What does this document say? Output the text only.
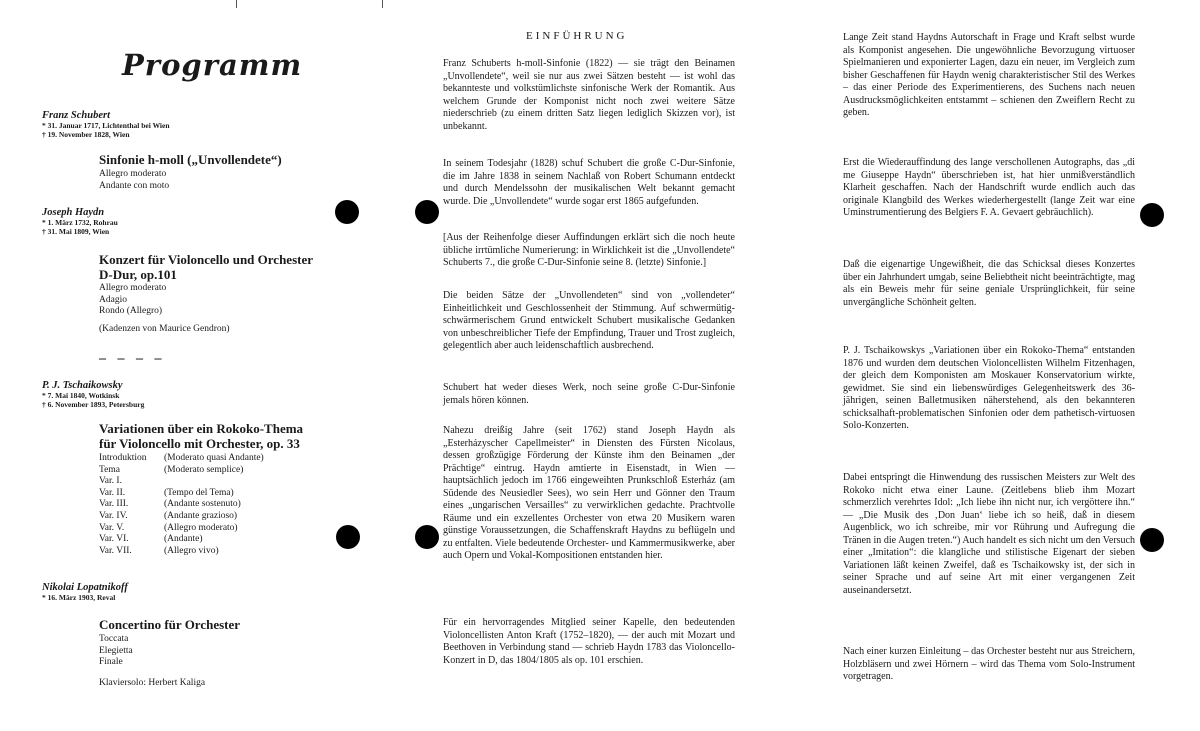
Programm
Franz Schubert
* 31. Januar 1717, Lichtenthal bei Wien
† 19. November 1828, Wien
Sinfonie h-moll („Unvollendete“)
Allegro moderato
Andante con moto
Joseph Haydn
* 1. März 1732, Rohrau
† 31. Mai 1809, Wien
Konzert für Violoncello und Orchester
D-Dur, op.101
Allegro moderato
Adagio
Rondo (Allegro)
(Kadenzen von Maurice Gendron)
– – – –
P. J. Tschaikowsky
* 7. Mai 1840, Wotkinsk
† 6. November 1893, Petersburg
Variationen über ein Rokoko-Thema
für Violoncello mit Orchester, op. 33
Introduktion	(Moderato quasi Andante)
Tema	(Moderato semplice)
Var. I.
Var. II.	(Tempo del Tema)
Var. III.	(Andante sostenuto)
Var. IV.	(Andante grazioso)
Var. V.	(Allegro moderato)
Var. VI.	(Andante)
Var. VII.	(Allegro vivo)
Nikolai Lopatnikoff
* 16. März 1903, Reval
Concertino für Orchester
Toccata
Elegietta
Finale
Klaviersolo: Herbert Kaliga
EINFÜHRUNG

Franz Schuberts h-moll-Sinfonie (1822) — sie trägt den Beinamen „Unvollendete“, weil sie nur aus zwei Sätzen besteht — ist wohl das bekannteste und volkstümlichste sinfonische Werk der Romantik. Aus welchem Grunde der Komponist nicht noch zwei weitere Sätze niederschrieb (zu einem dritten Satz liegen lediglich Skizzen vor), ist unbekannt.

In seinem Todesjahr (1828) schuf Schubert die große C-Dur-Sinfonie, die im Jahre 1838 in seinem Nachlaß von Robert Schumann entdeckt und durch Mendelssohn der musikalischen Welt bekannt gemacht wurde. Die „Unvollendete“ wurde sogar erst 1865 aufgefunden.

[Aus der Reihenfolge dieser Auffindungen erklärt sich die noch heute übliche irrtümliche Numerierung: in Wirklichkeit ist die „Unvollendete“ Schuberts 7., die große C-Dur-Sinfonie seine 8. (letzte) Sinfonie.]

Die beiden Sätze der „Unvollendeten“ sind von „vollendeter“ Einheitlichkeit und Geschlossenheit der Stimmung. Auf schwermütig-schwärmerischem Grund entwickelt Schubert musikalische Gedanken von unbeschreiblicher Tiefe der Empfindung, Trauer und Trost zugleich, gelegentlich aber auch leidenschaftlich ausbrechend.

Schubert hat weder dieses Werk, noch seine große C-Dur-Sinfonie jemals hören können.

Nahezu dreißig Jahre (seit 1762) stand Joseph Haydn als „Esterházyscher Capellmeister“ in Diensten des Fürsten Nicolaus, dessen großzügige Förderung der Künste ihm den Beinamen „der Prächtige“ eintrug. Haydn amtierte in Eisenstadt, in Wien — hauptsächlich jedoch im 1766 eingeweihten Prunkschloß Esterház (am Südende des Neusiedler Sees), wo sein Herr und Gönner den Traum eines „ungarischen Versailles“ zu verwirklichen gedachte. Prachtvolle Räume und ein exzellentes Orchester von etwa 20 Musikern waren günstige Voraussetzungen, die Schaffenskraft Haydns zu beflügeln und zu entfalten. Viele bedeutende Orchester- und Kammermusikwerke, aber auch Opern und Vokal-Kompositionen entstanden hier.

Für ein hervorragendes Mitglied seiner Kapelle, den bedeutenden Violoncellisten Anton Kraft (1752–1820), — der auch mit Mozart und Beethoven in Verbindung stand — schrieb Haydn 1783 das Violoncello-Konzert in D, das 1804/1805 als op. 101 erschien.

Lange Zeit stand Haydns Autorschaft in Frage und Kraft selbst wurde als Komponist angesehen. Die ungewöhnliche Bevorzugung virtuoser Spielmanieren und exponierter Lagen, dazu ein neuer, im Vergleich zum bisher Geschaffenen für Haydn wenig charakteristischer Stil des Werkes – das einer Periode des Experimentierens, des Suchens nach neuen Ausdrucksmöglichkeiten entstammt – schienen den Zweiflern Recht zu geben.

Erst die Wiederauffindung des lange verschollenen Autographs, das „di me Giuseppe Haydn“ überschrieben ist, hat hier unmißverständlich Klarheit geschaffen. Nach der Handschrift wurde endlich auch das originale Klangbild des Werkes wiederhergestellt (lange Zeit war eine Uminstrumentierung des Belgiers F. A. Gevaert gebräuchlich).

Daß die eigenartige Ungewißheit, die das Schicksal dieses Konzertes über ein Jahrhundert umgab, seine Beliebtheit nicht beeinträchtigte, mag als ein Beweis mehr für seine geniale Ursprünglichkeit, für seine unvergängliche Schönheit gelten.

P. J. Tschaikowskys „Variationen über ein Rokoko-Thema“ entstanden 1876 und wurden dem deutschen Violoncellisten Wilhelm Fitzenhagen, der gleich dem Komponisten am Moskauer Konservatorium wirkte, gewidmet. Sie sind ein liebenswürdiges Gelegenheitswerk des 36-jährigen, seinen Balletmusiken näherstehend, als den bekannteren schicksalhaft-problematischen Sinfonien oder dem pathetisch-virtuosen Solo-Konzerten.

Dabei entspringt die Hinwendung des russischen Meisters zur Welt des Rokoko nicht etwa einer Laune. (Zeitlebens blieb ihm Mozart schmerzlich verehrtes Idol: „Ich liebe ihn nicht nur, ich vergöttere ihn.“ — „Die Musik des ‚Don Juan‘ liebe ich so heiß, daß in diesem Augenblick, wo ich schreibe, mir vor Rührung und Aufregung die Tränen in die Augen treten.“) Auch handelt es sich nicht um den Versuch einer „Imitation“: die klangliche und stilistische Eigenart der sieben Variationen läßt keinen Zweifel, daß es Tschaikowsky ist, der sich in seiner Sprache und auf seine Art mit einer vergangenen Zeit auseinandersetzt.

Nach einer kurzen Einleitung – das Orchester besteht nur aus Streichern, Holzbläsern und zwei Hörnern – wird das Thema vom Solo-Instrument vorgetragen.
